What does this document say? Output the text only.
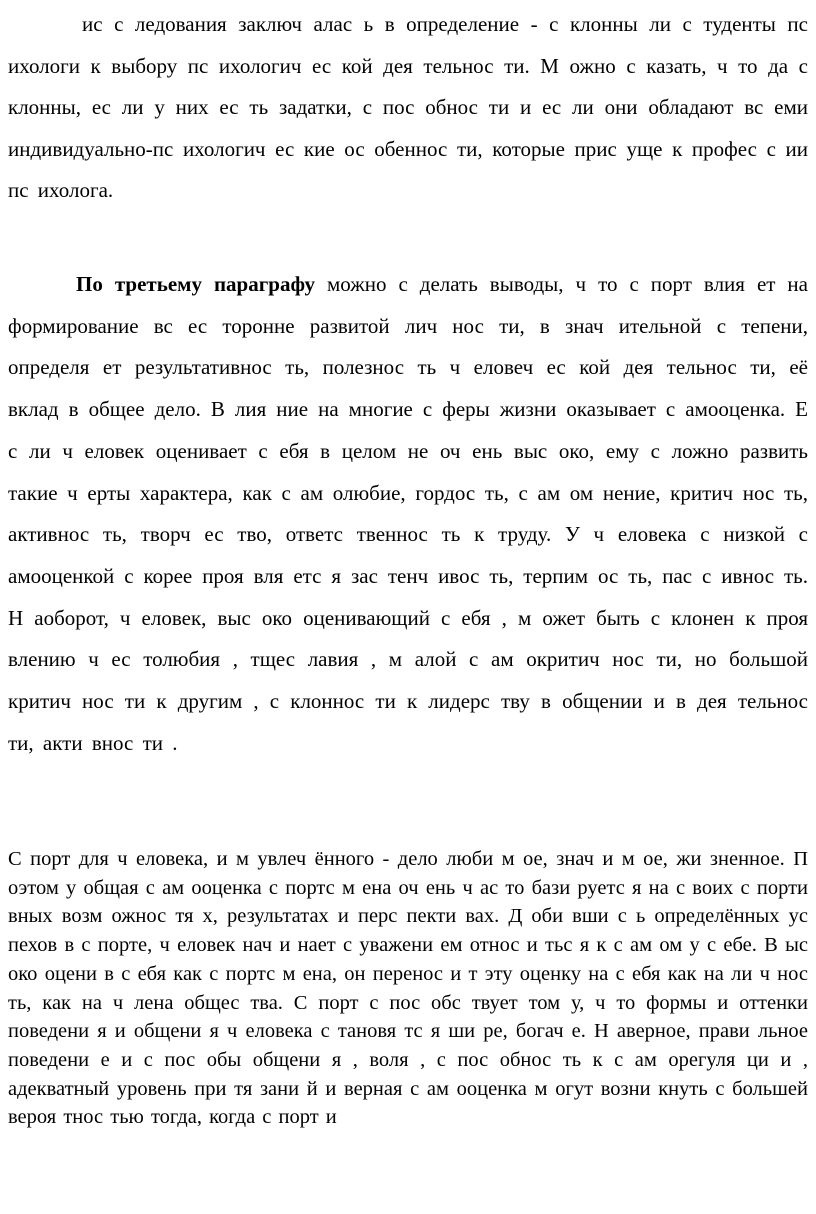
ис с ледования заключ алас ь в определение - с клонны ли с туденты пс ихологи к выбору пс ихологич ес кой дея тельнос ти. М ожно с казать, ч то да с клонны, ес ли у них ес ть задатки, с пос обнос ти и ес ли они обладают вс еми индивидуально-пс ихологич ес кие ос обеннос ти, которые прис уще к профес с ии пс ихолога.

По третьему параграфу можно с делать выводы, ч то с порт влия ет на формирование вс ес торонне развитой лич нос ти, в знач ительной с тепени, определя ет результативнос ть, полезнос ть ч еловеч ес кой дея тельнос ти, её вклад в общее дело. В лия ние на многие с феры жизни оказывает с амооценка. Е с ли ч еловек оценивает с ебя в целом не оч ень выс око, ему с ложно развить такие ч ерты характера, как с ам олюбие, гордос ть, с ам ом нение, критич нос ть, активнос ть, творч ес тво, ответс твеннос ть к труду. У ч еловека с низкой с амооценкой с корее проя вля етс я зас тенч ивос ть, терпим ос ть, пас с ивнос ть. Н аоборот, ч еловек, выс око оценивающий с ебя , м ожет быть с клонен к проя влению ч ес толюбия , тщес лавия , м алой с ам окритич нос ти, но большой критич нос ти к другим , с клоннос ти к лидерс тву в общении и в дея тельнос ти, акти внос ти .

С порт для ч еловека, и м увлеч ённого - дело люби м ое, знач и м ое, жи зненное. П оэтом у общая с ам ооценка с портс м ена оч ень ч ас то бази руетс я на с воих с порти вных возм ожнос тя х, результатах и перс пекти вах. Д оби вши с ь определённых ус пехов в с порте, ч еловек нач и нает с уважени ем относ и тьс я к с ам ом у с ебе. В ыс око оцени в с ебя как с портс м ена, он перенос и т эту оценку на с ебя как на ли ч нос ть, как на ч лена общес тва. С порт с пос обс твует том у, ч то формы и оттенки поведени я и общени я ч еловека с тановя тс я ши ре, богач е. Н аверное, прави льное поведени е и с пос обы общени я , воля , с пос обнос ть к с ам орегуля ци и , адекватный уровень при тя зани й и верная с ам ооценка м огут возни кнуть с большей вероя тнос тью тогда, когда с порт и
